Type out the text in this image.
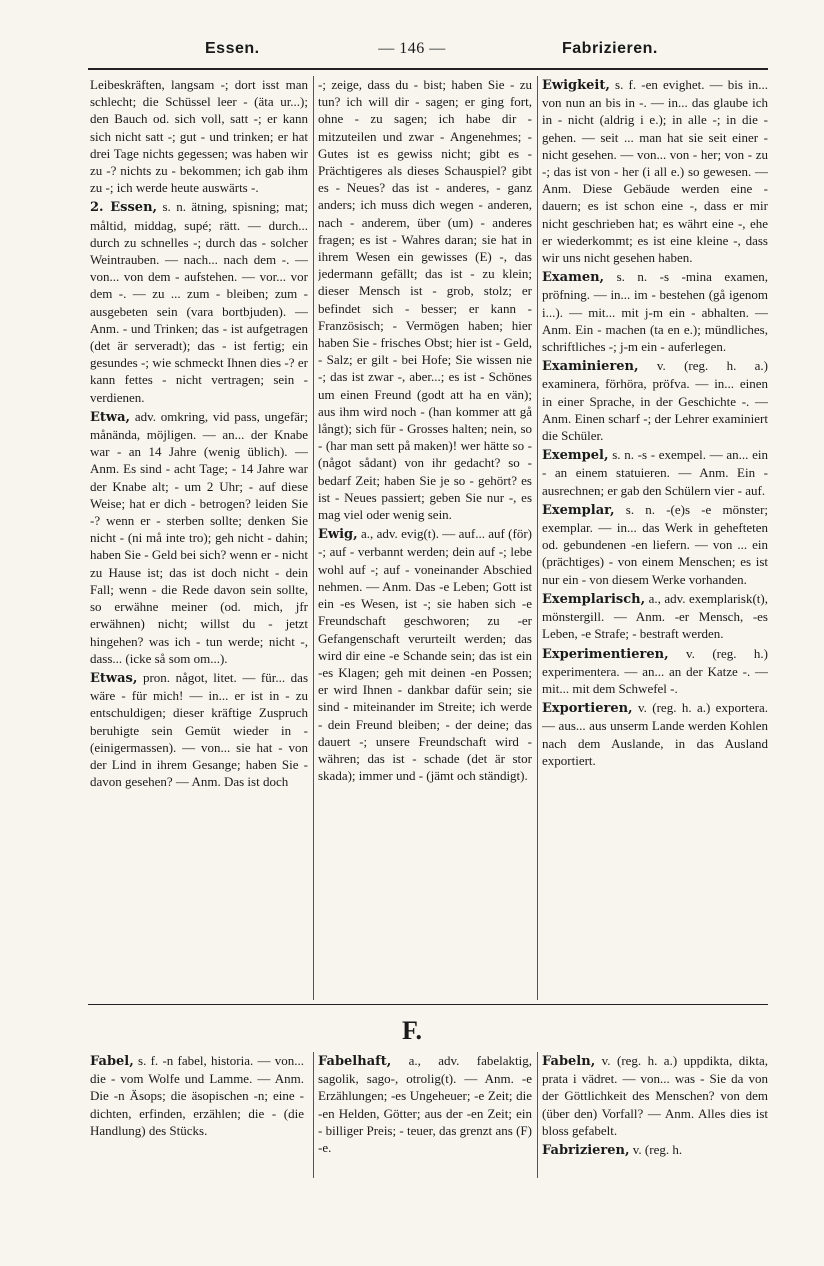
Essen.	— 146 —	Fabrizieren.

Leibeskräften, langsam -; dort isst man schlecht; die Schüssel leer - (äta ur...); den Bauch od. sich voll, satt -; er kann sich nicht satt -; gut - und trinken; er hat drei Tage nichts gegessen; was haben wir zu -? nichts zu - bekommen; ich gab ihm zu -; ich werde heute auswärts -.

2. Essen, s. n. ätning, spisning; mat; måltid, middag, supé; rätt. — durch... durch zu schnelles -; durch das - solcher Weintrauben. — nach... nach dem -. — von... von dem - aufstehen. — vor... vor dem -. — zu ... zum - bleiben; zum - ausgebeten sein (vara bortbjuden). — Anm. - und Trinken; das - ist aufgetragen (det är serveradt); das - ist fertig; ein gesundes -; wie schmeckt Ihnen dies -? er kann fettes - nicht vertragen; sein - verdienen.

Etwa, adv. omkring, vid pass, ungefär; månända, möjligen. — an... der Knabe war - an 14 Jahre (wenig üblich). — Anm. Es sind - acht Tage; - 14 Jahre war der Knabe alt; - um 2 Uhr; - auf diese Weise; hat er dich - betrogen? leiden Sie -? wenn er - sterben sollte; denken Sie nicht - (ni må inte tro); geh nicht - dahin; haben Sie - Geld bei sich? wenn er - nicht zu Hause ist; das ist doch nicht - dein Fall; wenn - die Rede davon sein sollte, so erwähne meiner (od. mich, jfr erwähnen) nicht; willst du - jetzt hingehen? was ich - tun werde; nicht -, dass... (icke så som om...).

Etwas, pron. något, litet. — für... das wäre - für mich! — in... er ist in - zu entschuldigen; dieser kräftige Zuspruch beruhigte sein Gemüt wieder in - (einigermassen). — von... sie hat - von der Lind in ihrem Gesange; haben Sie - davon gesehen? — Anm. Das ist doch

-; zeige, dass du - bist; haben Sie - zu tun? ich will dir - sagen; er ging fort, ohne - zu sagen; ich habe dir - mitzuteilen und zwar - Angenehmes; - Gutes ist es gewiss nicht; gibt es - Prächtigeres als dieses Schauspiel? gibt es - Neues? das ist - anderes, - ganz anders; ich muss dich wegen - anderen, nach - anderem, über (um) - anderes fragen; es ist - Wahres daran; sie hat in ihrem Wesen ein gewisses (E) -, das jedermann gefällt; das ist - zu klein; dieser Mensch ist - grob, stolz; er befindet sich - besser; er kann - Französisch; - Vermögen haben; hier haben Sie - frisches Obst; hier ist - Geld, - Salz; er gilt - bei Hofe; Sie wissen nie -; das ist zwar -, aber...; es ist - Schönes um einen Freund (godt att ha en vän); aus ihm wird noch - (han kommer att gå långt); sich für - Grosses halten; nein, so - (har man sett på maken)! wer hätte so - (något sådant) von ihr gedacht? so - bedarf Zeit; haben Sie je so - gehört? es ist - Neues passiert; geben Sie nur -, es mag viel oder wenig sein.

Ewig, a., adv. evig(t). — auf... auf (för) -; auf - verbannt werden; dein auf -; lebe wohl auf -; auf - voneinander Abschied nehmen. — Anm. Das -e Leben; Gott ist ein -es Wesen, ist -; sie haben sich -e Freundschaft geschworen; zu -er Gefangenschaft verurteilt werden; das wird dir eine -e Schande sein; das ist ein -es Klagen; geh mit deinen -en Possen; er wird Ihnen - dankbar dafür sein; sie sind - miteinander im Streite; ich werde - dein Freund bleiben; - der deine; das dauert -; unsere Freundschaft wird - währen; das ist - schade (det är stor skada); immer und - (jämt och ständigt).

Ewigkeit, s. f. -en evighet. — bis in... von nun an bis in -. — in... das glaube ich in - nicht (aldrig i e.); in alle -; in die - gehen. — seit ... man hat sie seit einer - nicht gesehen. — von... von - her; von - zu -; das ist von - her (i all e.) so gewesen. — Anm. Diese Gebäude werden eine - dauern; es ist schon eine -, dass er mir nicht geschrieben hat; es währt eine -, ehe er wiederkommt; es ist eine kleine -, dass wir uns nicht gesehen haben.

Examen, s. n. -s -mina examen, pröfning. — in... im - bestehen (gå igenom i...). — mit... mit j-m ein - abhalten. — Anm. Ein - machen (ta en e.); mündliches, schriftliches -; j-m ein - auferlegen.

Examinieren, v. (reg. h. a.) examinera, förhöra, pröfva. — in... einen in einer Sprache, in der Geschichte -. — Anm. Einen scharf -; der Lehrer examiniert die Schüler.

Exempel, s. n. -s - exempel. — an... ein - an einem statuieren. — Anm. Ein - ausrechnen; er gab den Schülern vier - auf.

Exemplar, s. n. -(e)s -e mönster; exemplar. — in... das Werk in gehefteten od. gebundenen -en liefern. — von ... ein (prächtiges) - von einem Menschen; es ist nur ein - von diesem Werke vorhanden.

Exemplarisch, a., adv. exemplarisk(t), mönstergill. — Anm. -er Mensch, -es Leben, -e Strafe; - bestraft werden.

Experimentieren, v. (reg. h.) experimentera. — an... an der Katze -. — mit... mit dem Schwefel -.

Exportieren, v. (reg. h. a.) exportera. — aus... aus unserm Lande werden Kohlen nach dem Auslande, in das Ausland exportiert.

F.

Fabel, s. f. -n fabel, historia. — von... die - vom Wolfe und Lamme. — Anm. Die -n Äsops; die äsopischen -n; eine - dichten, erfinden, erzählen; die - (die Handlung) des Stücks.

Fabelhaft, a., adv. fabelaktig, sagolik, sago-, otrolig(t). — Anm. -e Erzählungen; -es Ungeheuer; -e Zeit; die -en Helden, Götter; aus der -en Zeit; ein - billiger Preis; - teuer, das grenzt ans (F) -e.

Fabeln, v. (reg. h. a.) uppdikta, dikta, prata i vädret. — von... was - Sie da von der Göttlichkeit des Menschen? von dem (über den) Vorfall? — Anm. Alles dies ist bloss gefabelt.

Fabrizieren, v. (reg. h.
